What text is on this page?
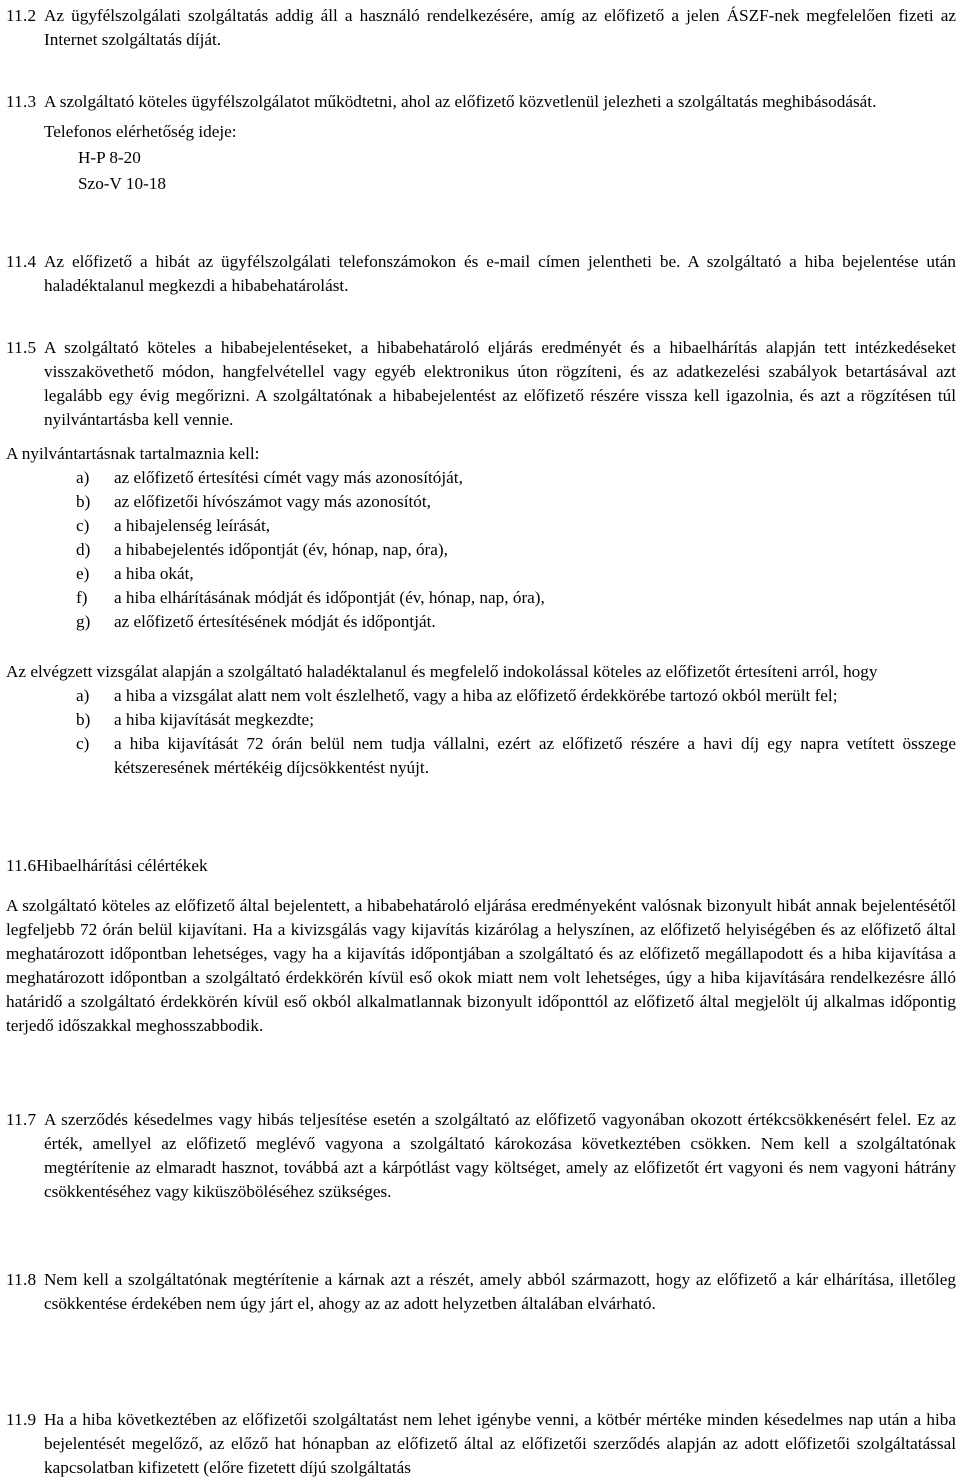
11.2 Az ügyfélszolgálati szolgáltatás addig áll a használó rendelkezésére, amíg az előfizető a jelen ÁSZF-nek megfelelően fizeti az Internet szolgáltatás díját.

11.3 A szolgáltató köteles ügyfélszolgálatot működtetni, ahol az előfizető közvetlenül jelezheti a szolgáltatás meghibásodását.

Telefonos elérhetőség ideje:

H-P 8-20

Szo-V 10-18

11.4 Az előfizető a hibát az ügyfélszolgálati telefonszámokon és e-mail címen jelentheti be. A szolgáltató a hiba bejelentése után haladéktalanul megkezdi a hibabehatárolást.

11.5 A szolgáltató köteles a hibabejelentéseket, a hibabehatároló eljárás eredményét és a hibaelhárítás alapján tett intézkedéseket visszakövethető módon, hangfelvétellel vagy egyéb elektronikus úton rögzíteni, és az adatkezelési szabályok betartásával azt legalább egy évig megőrizni. A szolgáltatónak a hibabejelentést az előfizető részére vissza kell igazolnia, és azt a rögzítésen túl nyilvántartásba kell vennie.

A nyilvántartásnak tartalmaznia kell:

a) az előfizető értesítési címét vagy más azonosítóját,
b) az előfizetői hívószámot vagy más azonosítót,
c) a hibajelenség leírását,
d) a hibabejelentés időpontját (év, hónap, nap, óra),
e) a hiba okát,
f) a hiba elhárításának módját és időpontját (év, hónap, nap, óra),
g) az előfizető értesítésének módját és időpontját.

Az elvégzett vizsgálat alapján a szolgáltató haladéktalanul és megfelelő indokolással köteles az előfizetőt értesíteni arról, hogy

a) a hiba a vizsgálat alatt nem volt észlelhető, vagy a hiba az előfizető érdekkörébe tartozó okból merült fel;
b) a hiba kijavítását megkezdte;
c) a hiba kijavítását 72 órán belül nem tudja vállalni, ezért az előfizető részére a havi díj egy napra vetített összege kétszeresének mértékéig díjcsökkentést nyújt.

11.6Hibaelhárítási célértékek

A szolgáltató köteles az előfizető által bejelentett, a hibabehatároló eljárása eredményeként valósnak bizonyult hibát annak bejelentésétől legfeljebb 72 órán belül kijavítani. Ha a kivizsgálás vagy kijavítás kizárólag a helyszínen, az előfizető helyiségében és az előfizető által meghatározott időpontban lehetséges, vagy ha a kijavítás időpontjában a szolgáltató és az előfizető megállapodott és a hiba kijavítása a meghatározott időpontban a szolgáltató érdekkörén kívül eső okok miatt nem volt lehetséges, úgy a hiba kijavítására rendelkezésre álló határidő a szolgáltató érdekkörén kívül eső okból alkalmatlannak bizonyult időponttól az előfizető által megjelölt új alkalmas időpontig terjedő időszakkal meghosszabbodik.

11.7 A szerződés késedelmes vagy hibás teljesítése esetén a szolgáltató az előfizető vagyonában okozott értékcsökkenésért felel. Ez az érték, amellyel az előfizető meglévő vagyona a szolgáltató károkozása következtében csökken. Nem kell a szolgáltatónak megtérítenie az elmaradt hasznot, továbbá azt a kárpótlást vagy költséget, amely az előfizetőt ért vagyoni és nem vagyoni hátrány csökkentéséhez vagy kiküszöböléséhez szükséges.

11.8 Nem kell a szolgáltatónak megtérítenie a kárnak azt a részét, amely abból származott, hogy az előfizető a kár elhárítása, illetőleg csökkentése érdekében nem úgy járt el, ahogy az az adott helyzetben általában elvárható.

11.9 Ha a hiba következtében az előfizetői szolgáltatást nem lehet igénybe venni, a kötbér mértéke minden késedelmes nap után a hiba bejelentését megelőző, az előző hat hónapban az előfizető által az előfizetői szerződés alapján az adott előfizetői szolgáltatással kapcsolatban kifizetett (előre fizetett díjú szolgáltatás
